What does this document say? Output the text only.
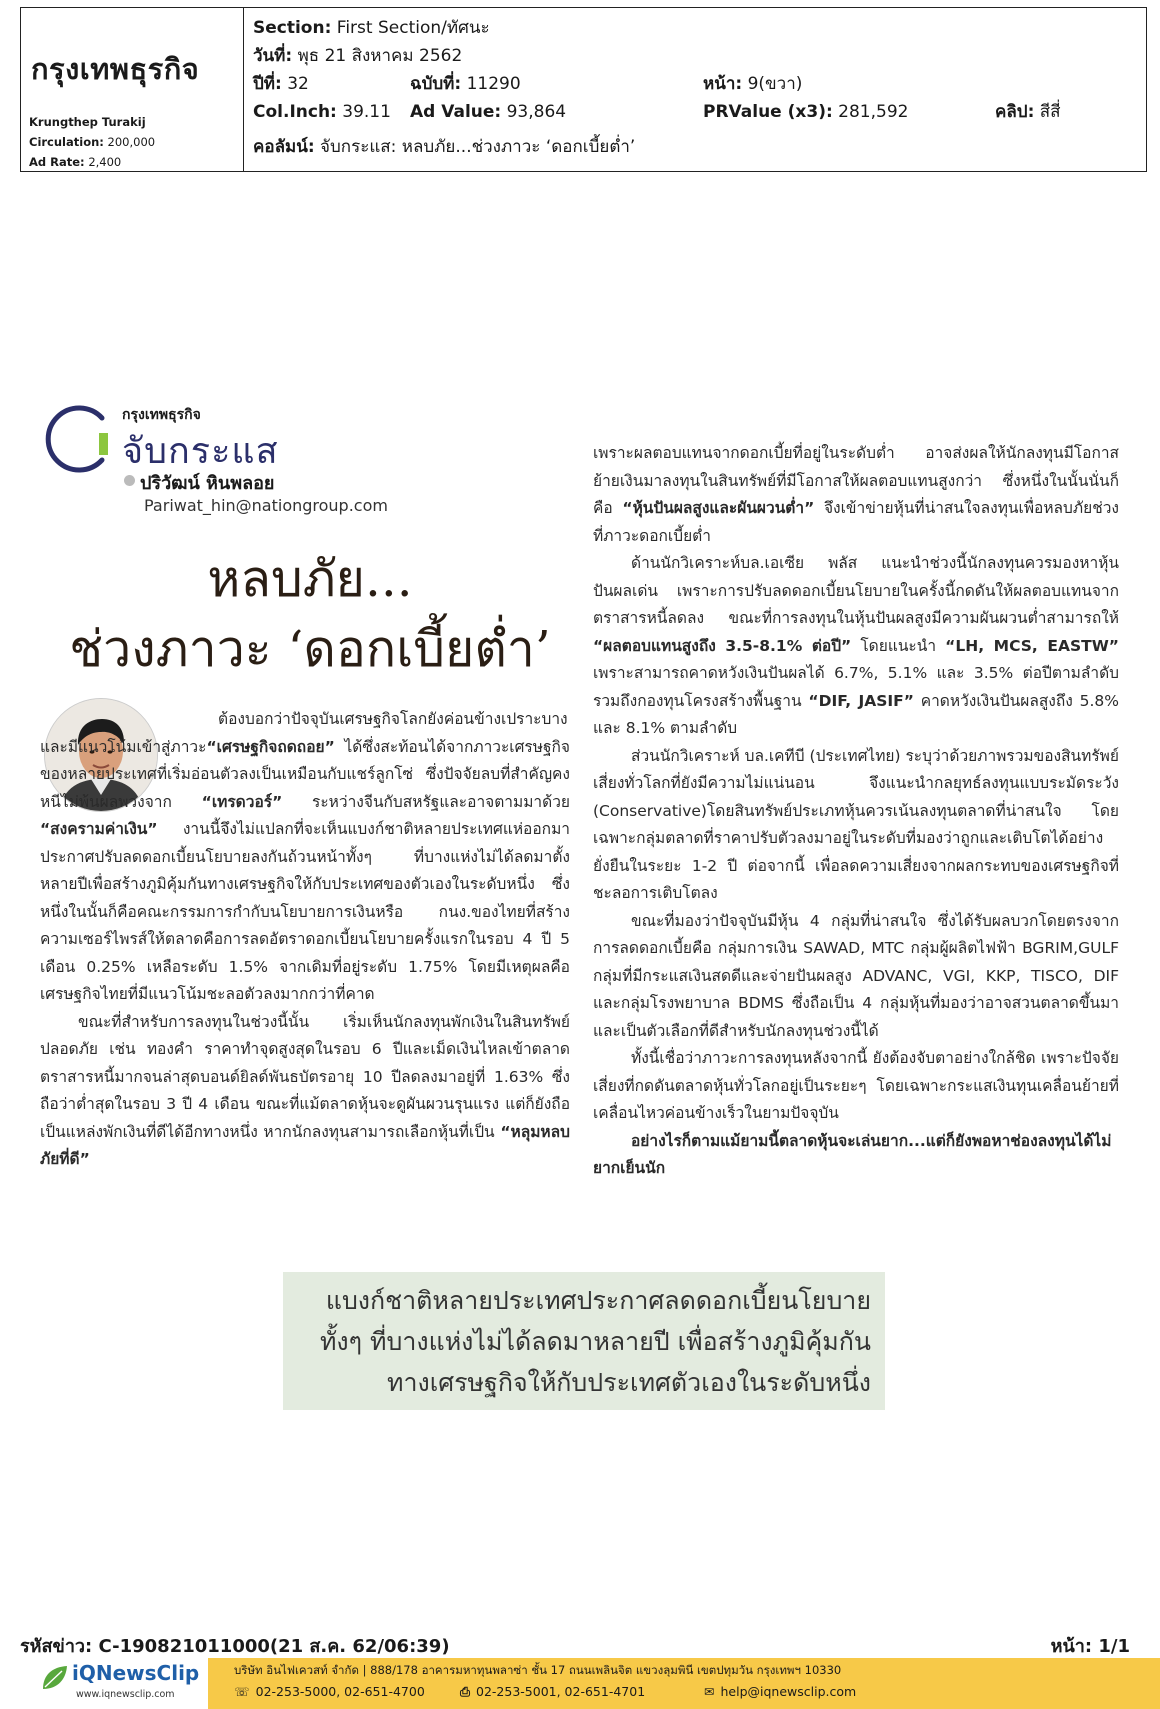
กรุงเทพธุรกิจ
Krungthep Turakij
Circulation: 200,000
Ad Rate: 2,400
Section: First Section/ทัศนะ
วันที่: พุธ 21 สิงหาคม 2562
ปีที่: 32	ฉบับที่: 11290	หน้า: 9(ขวา)
Col.Inch: 39.11 Ad Value: 93,864	PRValue (x3): 281,592	คลิป: สีสี่
คอลัมน์: จับกระแส: หลบภัย...ช่วงภาวะ ‘ดอกเบี้ยต่ำ’
กรุงเทพธุรกิจ
จับกระแส
ปริวัฒน์ หินพลอย
Pariwat_hin@nationgroup.com
หลบภัย...
ช่วงภาวะ ‘ดอกเบี้ยต่ำ’

ต้องบอกว่าปัจจุบันเศรษฐกิจโลกยังค่อนข้างเปราะบางและมีแนวโน้มเข้าสู่ภาวะ“เศรษฐกิจถดถอย” ได้ซึ่งสะท้อนได้จากภาวะเศรษฐกิจของหลายประเทศที่เริ่มอ่อนตัวลงเป็นเหมือนกับแชร์ลูกโซ่ ซึ่งปัจจัยลบที่สำคัญคงหนีไม่พ้นผลพวงจาก “เทรดวอร์” ระหว่างจีนกับสหรัฐและอาจตามมาด้วย “สงครามค่าเงิน” งานนี้จึงไม่แปลกที่จะเห็นแบงก์ชาติหลายประเทศแห่ออกมาประกาศปรับลดดอกเบี้ยนโยบายลงกันถ้วนหน้าทั้งๆ ที่บางแห่งไม่ได้ลดมาตั้งหลายปีเพื่อสร้างภูมิคุ้มกันทางเศรษฐกิจให้กับประเทศของตัวเองในระดับหนึ่ง ซึ่งหนึ่งในนั้นก็คือคณะกรรมการกำกับนโยบายการเงินหรือ กนง.ของไทยที่สร้างความเซอร์ไพรส์ให้ตลาดคือการลดอัตราดอกเบี้ยนโยบายครั้งแรกในรอบ 4 ปี 5 เดือน 0.25% เหลือระดับ 1.5% จากเดิมที่อยู่ระดับ 1.75% โดยมีเหตุผลคือเศรษฐกิจไทยที่มีแนวโน้มชะลอตัวลงมากกว่าที่คาด

ขณะที่สำหรับการลงทุนในช่วงนี้นั้น เริ่มเห็นนักลงทุนพักเงินในสินทรัพย์ปลอดภัย เช่น ทองคำ ราคาทำจุดสูงสุดในรอบ 6 ปีและเม็ดเงินไหลเข้าตลาดตราสารหนี้มากจนล่าสุดบอนด์ยิลด์พันธบัตรอายุ 10 ปีลดลงมาอยู่ที่ 1.63% ซึ่งถือว่าต่ำสุดในรอบ 3 ปี 4 เดือน ขณะที่แม้ตลาดหุ้นจะดูผันผวนรุนแรง แต่ก็ยังถือเป็นแหล่งพักเงินที่ดีได้อีกทางหนึ่ง หากนักลงทุนสามารถเลือกหุ้นที่เป็น “หลุมหลบภัยที่ดี”

เพราะผลตอบแทนจากดอกเบี้ยที่อยู่ในระดับต่ำ อาจส่งผลให้นักลงทุนมีโอกาสย้ายเงินมาลงทุนในสินทรัพย์ที่มีโอกาสให้ผลตอบแทนสูงกว่า ซึ่งหนึ่งในนั้นนั่นก็คือ “หุ้นปันผลสูงและผันผวนต่ำ” จึงเข้าข่ายหุ้นที่น่าสนใจลงทุนเพื่อหลบภัยช่วงที่ภาวะดอกเบี้ยต่ำ

ด้านนักวิเคราะห์บล.เอเซีย พลัส แนะนำช่วงนี้นักลงทุนควรมองหาหุ้นปันผลเด่น เพราะการปรับลดดอกเบี้ยนโยบายในครั้งนี้กดดันให้ผลตอบแทนจากตราสารหนี้ลดลง ขณะที่การลงทุนในหุ้นปันผลสูงมีความผันผวนต่ำสามารถให้ “ผลตอบแทนสูงถึง 3.5-8.1% ต่อปี” โดยแนะนำ “LH, MCS, EASTW” เพราะสามารถคาดหวังเงินปันผลได้ 6.7%, 5.1% และ 3.5% ต่อปีตามลำดับ รวมถึงกองทุนโครงสร้างพื้นฐาน “DIF, JASIF” คาดหวังเงินปันผลสูงถึง 5.8% และ 8.1% ตามลำดับ

ส่วนนักวิเคราะห์ บล.เคทีบี (ประเทศไทย) ระบุว่าด้วยภาพรวมของสินทรัพย์เสี่ยงทั่วโลกที่ยังมีความไม่แน่นอน จึงแนะนำกลยุทธ์ลงทุนแบบระมัดระวัง (Conservative)โดยสินทรัพย์ประเภทหุ้นควรเน้นลงทุนตลาดที่น่าสนใจ โดยเฉพาะกลุ่มตลาดที่ราคาปรับตัวลงมาอยู่ในระดับที่มองว่าถูกและเติบโตได้อย่างยั่งยืนในระยะ 1-2 ปี ต่อจากนี้ เพื่อลดความเสี่ยงจากผลกระทบของเศรษฐกิจที่ชะลอการเติบโตลง

ขณะที่มองว่าปัจจุบันมีหุ้น 4 กลุ่มที่น่าสนใจ ซึ่งได้รับผลบวกโดยตรงจากการลดดอกเบี้ยคือ กลุ่มการเงิน SAWAD, MTC กลุ่มผู้ผลิตไฟฟ้า BGRIM,GULF กลุ่มที่มีกระแสเงินสดดีและจ่ายปันผลสูง ADVANC, VGI, KKP, TISCO, DIF และกลุ่มโรงพยาบาล BDMS ซึ่งถือเป็น 4 กลุ่มหุ้นที่มองว่าอาจสวนตลาดขึ้นมาและเป็นตัวเลือกที่ดีสำหรับนักลงทุนช่วงนี้ได้

ทั้งนี้เชื่อว่าภาวะการลงทุนหลังจากนี้ ยังต้องจับตาอย่างใกล้ชิด เพราะปัจจัยเสี่ยงที่กดดันตลาดหุ้นทั่วโลกอยู่เป็นระยะๆ โดยเฉพาะกระแสเงินทุนเคลื่อนย้ายที่เคลื่อนไหวค่อนข้างเร็วในยามปัจจุบัน

อย่างไรก็ตามแม้ยามนี้ตลาดหุ้นจะเล่นยาก...แต่ก็ยังพอหาช่องลงทุนได้ไม่ยากเย็นนัก

แบงก์ชาติหลายประเทศประกาศลดดอกเบี้ยนโยบาย
ทั้งๆ ที่บางแห่งไม่ได้ลดมาหลายปี เพื่อสร้างภูมิคุ้มกัน
ทางเศรษฐกิจให้กับประเทศตัวเองในระดับหนึ่ง
รหัสข่าว: C-190821011000(21 ส.ค. 62/06:39)	หน้า: 1/1
iQNewsClip
www.iqnewsclip.com
บริษัท อินไฟเควสท์ จำกัด | 888/178 อาคารมหาทุนพลาซ่า ชั้น 17 ถนนเพลินจิต แขวงลุมพินี เขตปทุมวัน กรุงเทพฯ 10330
☏ 02-253-5000, 02-651-4700	⎙ 02-253-5001, 02-651-4701	✉ help@iqnewsclip.com
